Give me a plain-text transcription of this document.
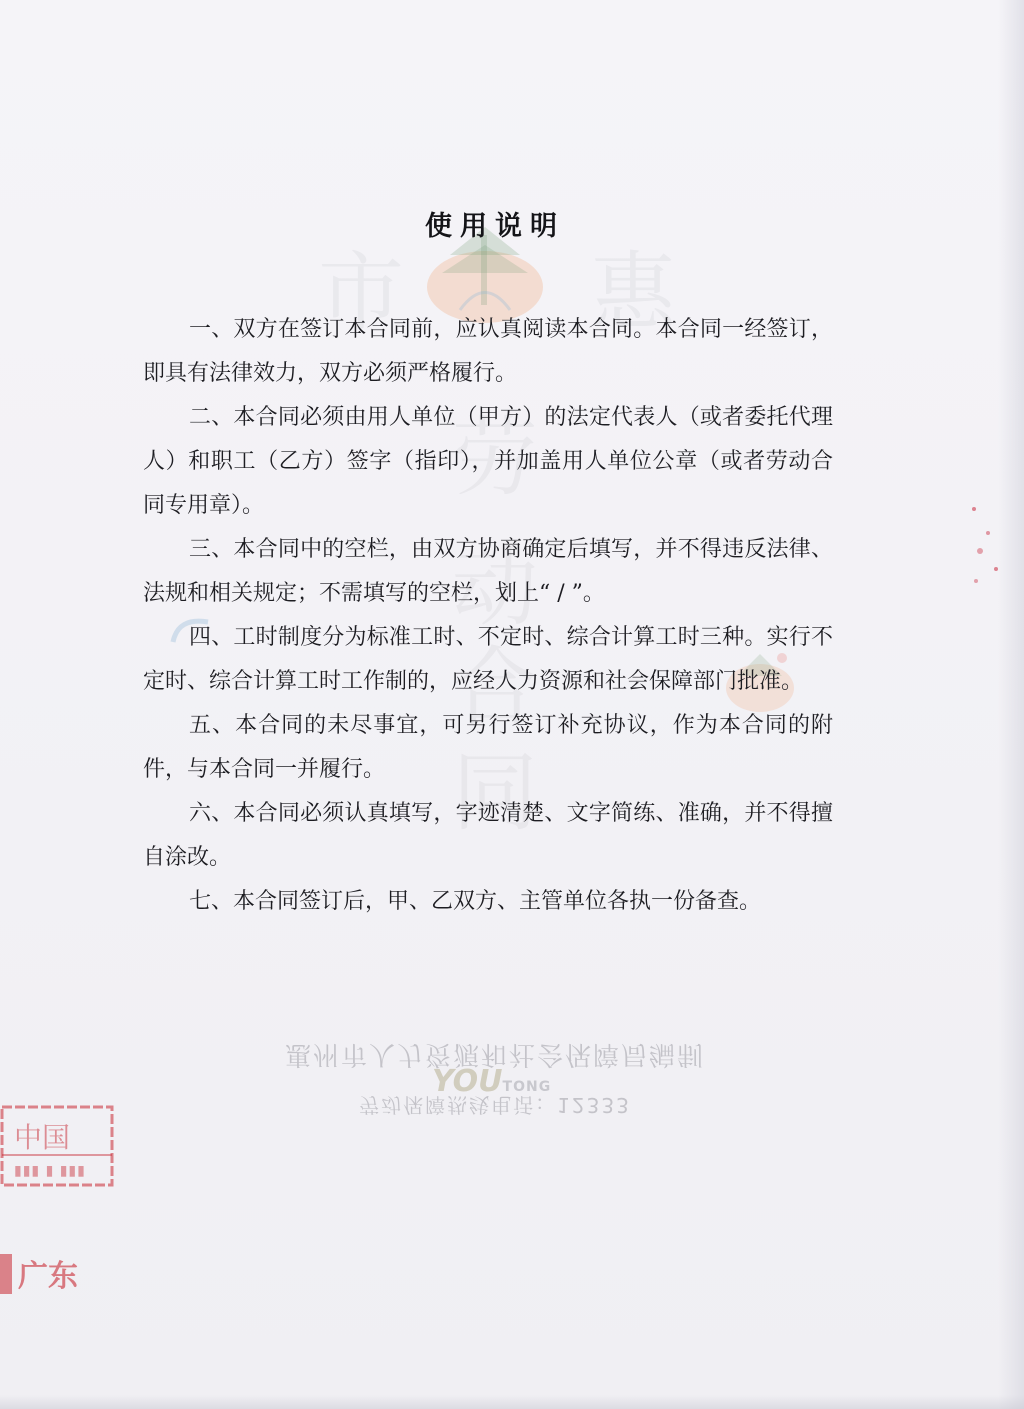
市 惠
劳
动
合
同
使用说明

一、双方在签订本合同前，应认真阅读本合同。本合同一经签订，即具有法律效力，双方必须严格履行。

二、本合同必须由用人单位（甲方）的法定代表人（或者委托代理人）和职工（乙方）签字（指印），并加盖用人单位公章（或者劳动合同专用章）。

三、本合同中的空栏，由双方协商确定后填写，并不得违反法律、法规和相关规定；不需填写的空栏，划上“ / ”。

四、工时制度分为标准工时、不定时、综合计算工时三种。实行不定时、综合计算工时工作制的，应经人力资源和社会保障部门批准。

五、本合同的未尽事宜，可另行签订补充协议，作为本合同的附件，与本合同一并履行。

六、本合同必须认真填写，字迹清楚、文字简练、准确，并不得擅自涂改。

七、本合同签订后，甲、乙双方、主管单位各执一份备查。

惠州市人力资源和社会保障局编制
YOUTONG
劳动保障热线电话：12333
中国
▮▮▮ ▮ ▮▮▮
广东
